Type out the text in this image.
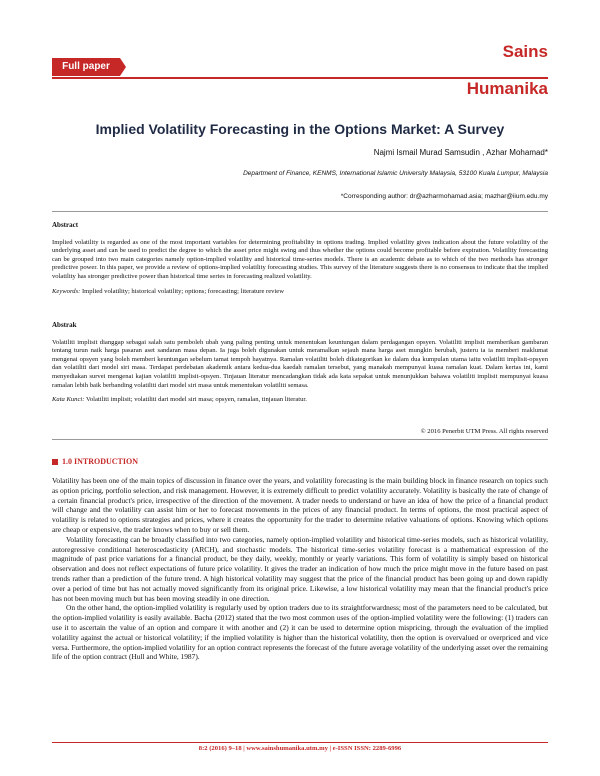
Full paper
Sains
Humanika
Implied Volatility Forecasting in the Options Market: A Survey
Najmi Ismail Murad Samsudin , Azhar Mohamad*
Department of Finance, KENMS, International Islamic University Malaysia, 53100 Kuala Lumpur, Malaysia
*Corresponding author: dr@azharmohamad.asia; mazhar@iium.edu.my
Abstract
Implied volatility is regarded as one of the most important variables for determining profitability in options trading. Implied volatility gives indication about the future volatility of the underlying asset and can be used to predict the degree to which the asset price might swing and thus whether the options could become profitable before expiration. Volatility forecasting can be grouped into two main categories namely option-implied volatility and historical time-series models. There is an academic debate as to which of the two methods has stronger predictive power. In this paper, we provide a review of options-implied volatility forecasting studies. This survey of the literature suggests there is no consensus to indicate that the implied volatility has stronger predictive power than historical time series in forecasting realized volatility.
Keywords: Implied volatility; historical volatility; options; forecasting; literature review
Abstrak
Volatiliti implisit dianggap sebagai salah satu pemboleh ubah yang paling penting untuk menentukan keuntungan dalam perdagangan opsyen. Volatiliti implisit memberikan gambaran tentang turun naik harga pasaran aset sandaran masa depan. Ia juga boleh digunakan untuk meramalkan sejauh mana harga aset mungkin berubah, justeru ia ia memberi maklumat mengenai opsyen yang boleh memberi keuntungan sebelum tamat tempoh hayatnya. Ramalan volatiliti boleh dikategorikan ke dalam dua kumpulan utama iaitu volatiliti implisit-opsyen dan volatiliti dari model siri masa. Terdapat perdebatan akademik antara kedua-dua kaedah ramalan tersebut, yang manakah mempunyai kuasa ramalan kuat. Dalam kertas ini, kami menyediakan survei mengenai kajian volatiliti implisit-opsyen. Tinjauan literatur mencadangkan tidak ada kata sepakat untuk menunjukkan bahawa volatiliti implisit mempunyai kuasa ramalan lebih baik berbanding volatiliti dari model siri masa untuk menentukan volatiliti semasa.
Kata Kunci: Volatiliti implisit; volatiliti dari model siri masa; opsyen, ramalan, tinjauan literatur.
© 2016 Penerbit UTM Press. All rights reserved
1.0 INTRODUCTION

Volatility has been one of the main topics of discussion in finance over the years, and volatility forecasting is the main building block in finance research on topics such as option pricing, portfolio selection, and risk management. However, it is extremely difficult to predict volatility accurately. Volatility is basically the rate of change of a certain financial product's price, irrespective of the direction of the movement. A trader needs to understand or have an idea of how the price of a financial product will change and the volatility can assist him or her to forecast movements in the prices of any financial product. In terms of options, the most practical aspect of volatility is related to options strategies and prices, where it creates the opportunity for the trader to determine relative valuations of options. Knowing which options are cheap or expensive, the trader knows when to buy or sell them.

Volatility forecasting can be broadly classified into two categories, namely option-implied volatility and historical time-series models, such as historical volatility, autoregressive conditional heteroscedasticity (ARCH), and stochastic models. The historical time-series volatility forecast is a mathematical expression of the magnitude of past price variations for a financial product, be they daily, weekly, monthly or yearly variations. This form of volatility is simply based on historical observation and does not reflect expectations of future price volatility. It gives the trader an indication of how much the price might move in the future based on past trends rather than a prediction of the future trend. A high historical volatility may suggest that the price of the financial product has been going up and down rapidly over a period of time but has not actually moved significantly from its original price. Likewise, a low historical volatility may mean that the financial product's price has not been moving much but has been moving steadily in one direction.

On the other hand, the option-implied volatility is regularly used by option traders due to its straightforwardness; most of the parameters need to be calculated, but the option-implied volatility is easily available. Bacha (2012) stated that the two most common uses of the option-implied volatility were the following: (1) traders can use it to ascertain the value of an option and compare it with another and (2) it can be used to determine option mispricing, through the evaluation of the implied volatility against the actual or historical volatility; if the implied volatility is higher than the historical volatility, then the option is overvalued or overpriced and vice versa. Furthermore, the option-implied volatility for an option contract represents the forecast of the future average volatility of the underlying asset over the remaining life of the option contract (Hull and White, 1987).

8:2 (2016) 9–18 | www.sainshumanika.utm.my | e-ISSN ISSN: 2289-6996
